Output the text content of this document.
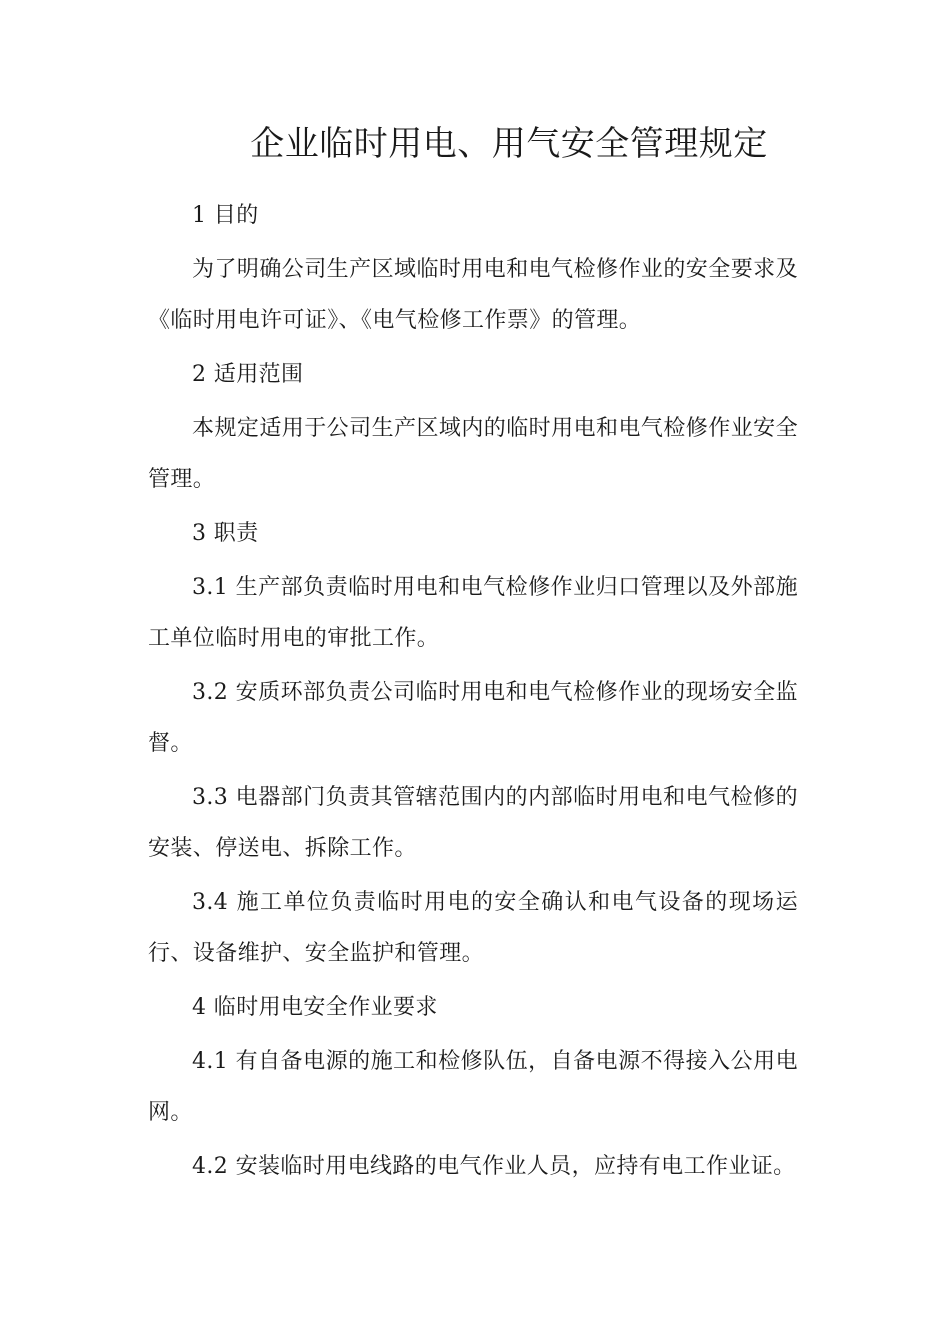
企业临时用电、用气安全管理规定

1 目的

为了明确公司生产区域临时用电和电气检修作业的安全要求及《临时用电许可证》、《电气检修工作票》的管理。

2 适用范围

本规定适用于公司生产区域内的临时用电和电气检修作业安全管理。

3 职责

3.1 生产部负责临时用电和电气检修作业归口管理以及外部施工单位临时用电的审批工作。

3.2 安质环部负责公司临时用电和电气检修作业的现场安全监督。

3.3 电器部门负责其管辖范围内的内部临时用电和电气检修的安装、停送电、拆除工作。

3.4 施工单位负责临时用电的安全确认和电气设备的现场运行、设备维护、安全监护和管理。

4 临时用电安全作业要求

4.1 有自备电源的施工和检修队伍，自备电源不得接入公用电网。

4.2 安装临时用电线路的电气作业人员，应持有电工作业证。
